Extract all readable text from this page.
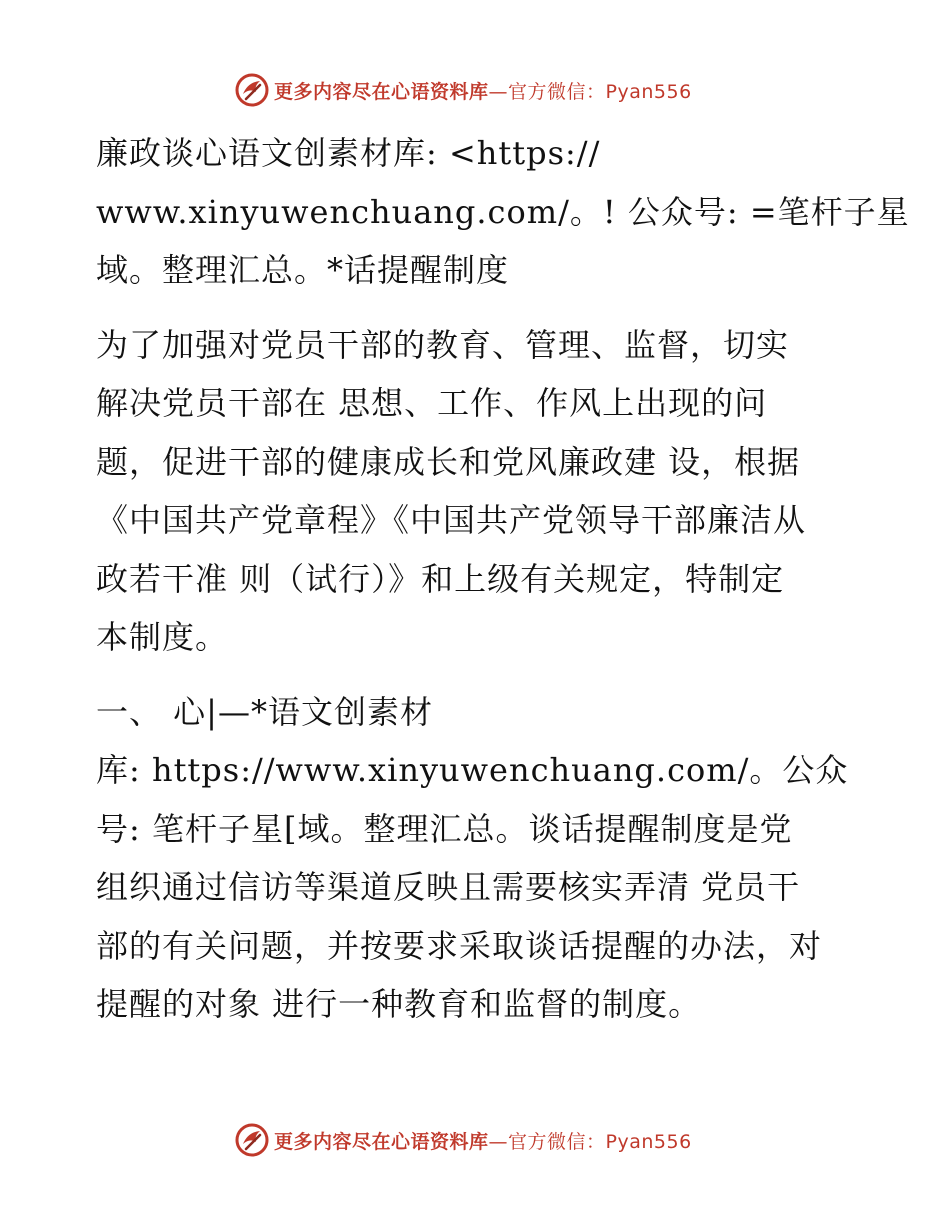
更多内容尽在心语资料库—官方微信：Pyan556

廉政谈心语文创素材库: <https://
www.xinyuwenchuang.com/。! 公众号: =笔杆子星
域。整理汇总。*话提醒制度

为了加强对党员干部的教育、管理、监督，切实
解决党员干部在 思想、工作、作风上出现的问
题，促进干部的健康成长和党风廉政建 设，根据
《中国共产党章程》《中国共产党领导干部廉洁从
政若干准 则（试行）》和上级有关规定，特制定
本制度。

一、 心|—*语文创素材
库: https://www.xinyuwenchuang.com/。公众
号: 笔杆子星[域。整理汇总。谈话提醒制度是党
组织通过信访等渠道反映且需要核实弄清 党员干
部的有关问题，并按要求采取谈话提醒的办法，对
提醒的对象 进行一种教育和监督的制度。

更多内容尽在心语资料库—官方微信：Pyan556
